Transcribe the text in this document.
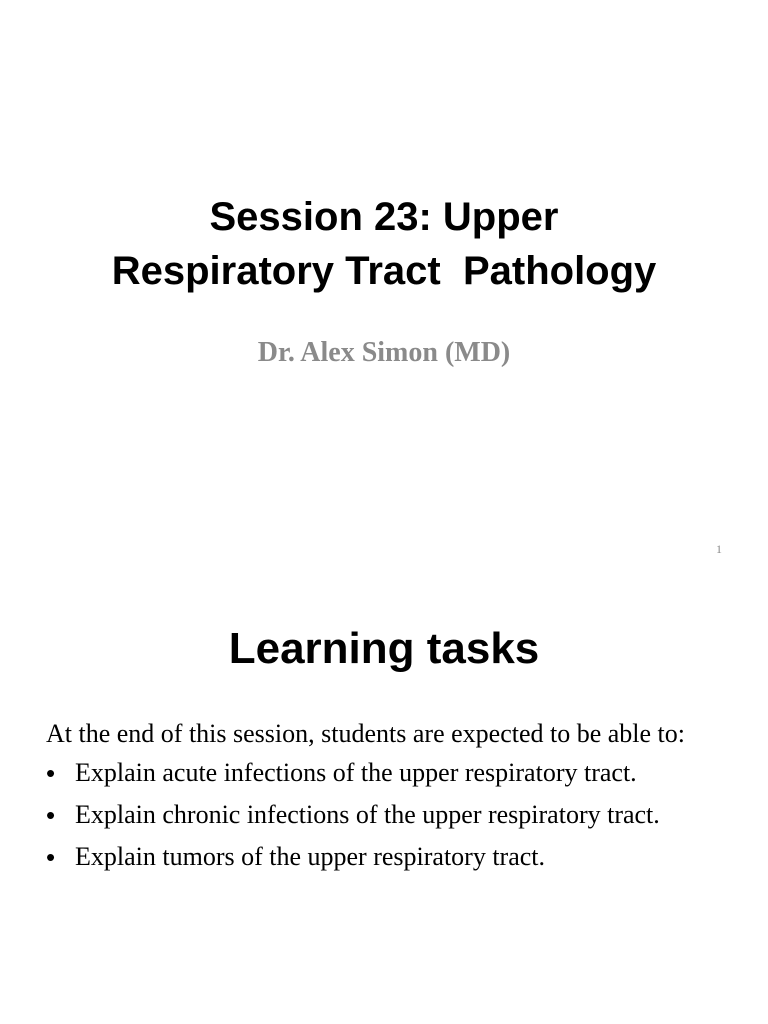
Session 23: Upper
Respiratory Tract  Pathology
Dr. Alex Simon (MD)
1
Learning tasks

At the end of this session, students are expected to be able to:

• Explain acute infections of the upper respiratory tract.
• Explain chronic infections of the upper respiratory tract.
• Explain tumors of the upper respiratory tract.
